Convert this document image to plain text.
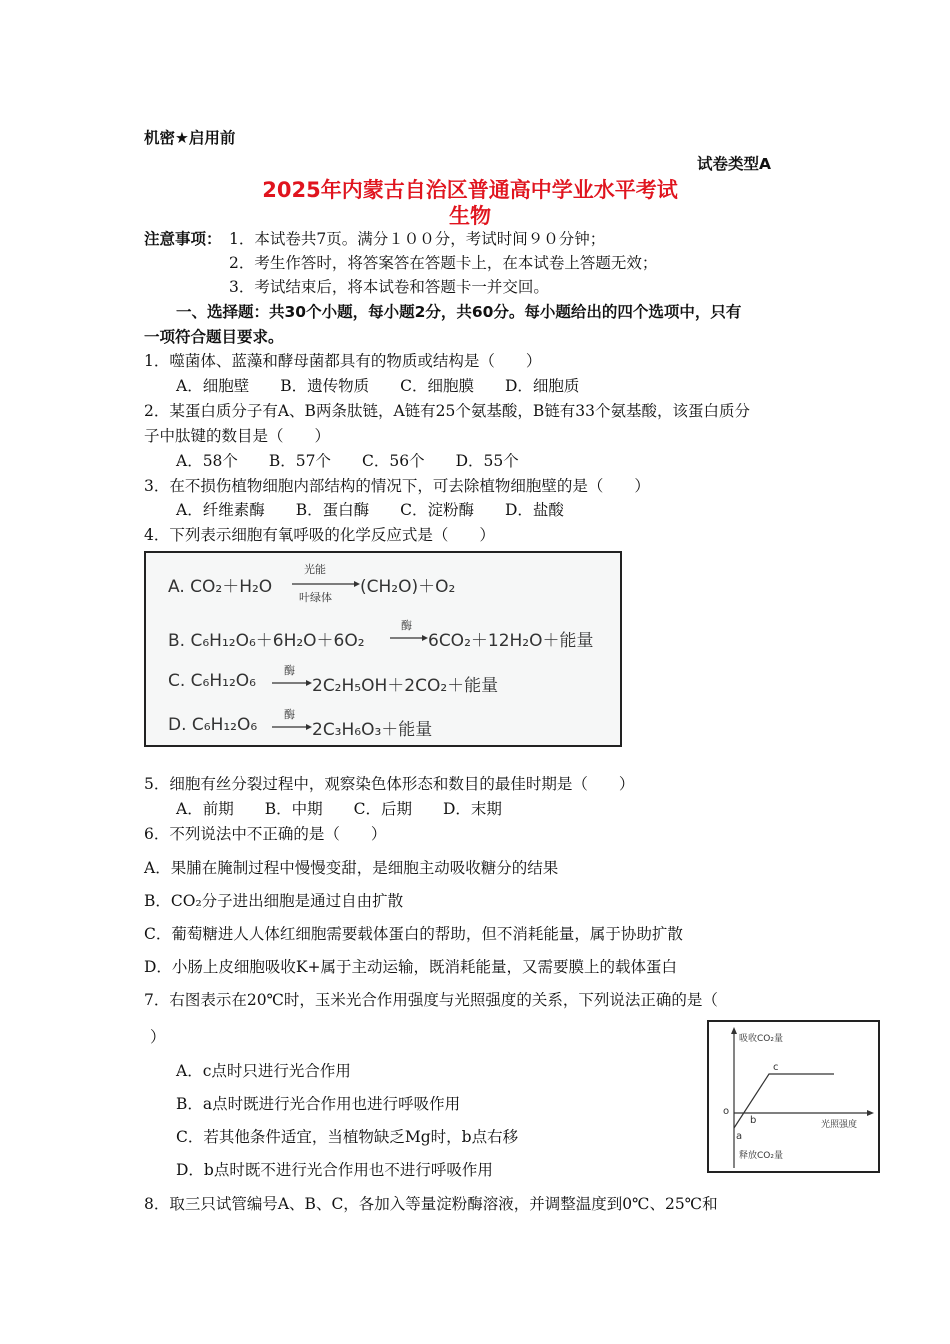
机密★启用前
试卷类型A
2025年内蒙古自治区普通高中学业水平考试
生物
注意事项： 1．本试卷共7页。满分１００分，考试时间９０分钟；
2．考生作答时，将答案答在答题卡上，在本试卷上答题无效；
3．考试结束后，将本试卷和答题卡一并交回。
一、选择题：共30个小题，每小题2分，共60分。每小题给出的四个选项中，只有
一项符合题目要求。
1．噬菌体、蓝藻和酵母菌都具有的物质或结构是（　　）
A．细胞壁　　B．遗传物质　　C．细胞膜　　D．细胞质
2．某蛋白质分子有A、B两条肽链，A链有25个氨基酸，B链有33个氨基酸，该蛋白质分
子中肽键的数目是（　　）
A．58个　　B．57个　　C．56个　　D．55个
3．在不损伤植物细胞内部结构的情况下，可去除植物细胞壁的是（　　）
A．纤维素酶　　B．蛋白酶　　C．淀粉酶　　D．盐酸
4．下列表示细胞有氧呼吸的化学反应式是（　　）
A. CO₂＋H₂O
光能
叶绿体
(CH₂O)＋O₂
B. C₆H₁₂O₆＋6H₂O＋6O₂
酶
6CO₂＋12H₂O＋能量
C. C₆H₁₂O₆
酶
2C₂H₅OH＋2CO₂＋能量
D. C₆H₁₂O₆
酶
2C₃H₆O₃＋能量
5．细胞有丝分裂过程中，观察染色体形态和数目的最佳时期是（　　）
A．前期　　B．中期　　C．后期　　D．末期
6．不列说法中不正确的是（　　）
A．果脯在腌制过程中慢慢变甜，是细胞主动吸收糖分的结果
B．CO₂分子进出细胞是通过自由扩散
C．葡萄糖进人人体红细胞需要载体蛋白的帮助，但不消耗能量，属于协助扩散
D．小肠上皮细胞吸收K+属于主动运输，既消耗能量，又需要膜上的载体蛋白
7．右图表示在20℃时，玉米光合作用强度与光照强度的关系，下列说法正确的是（
）
A．c点时只进行光合作用
B．a点时既进行光合作用也进行呼吸作用
C．若其他条件适宜，当植物缺乏Mg时，b点右移
D．b点时既不进行光合作用也不进行呼吸作用
吸收CO₂量
释放CO₂量
光照强度
o
a
b
c
8．取三只试管编号A、B、C，各加入等量淀粉酶溶液，并调整温度到0℃、25℃和
